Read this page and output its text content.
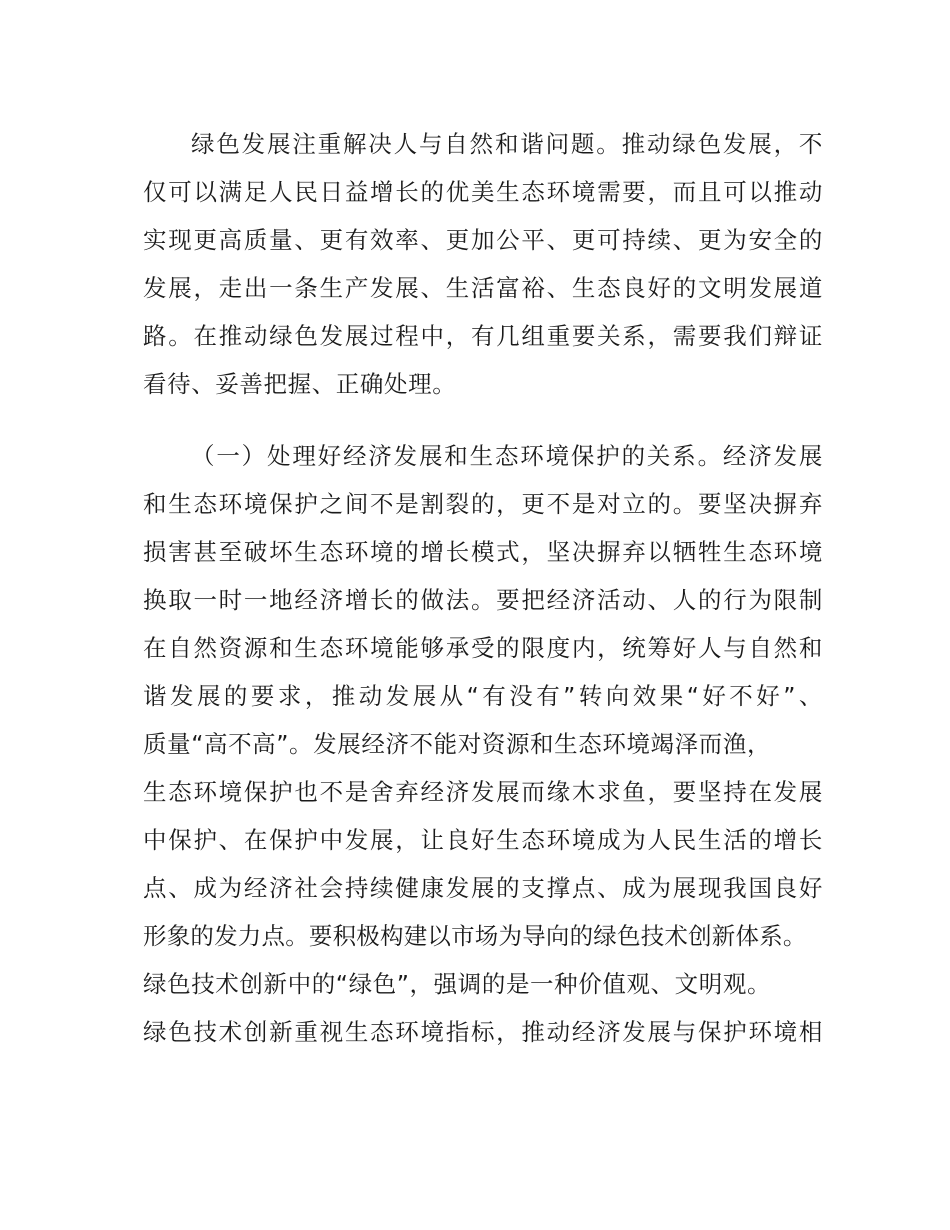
绿色发展注重解决人与自然和谐问题。推动绿色发展，不
仅可以满足人民日益增长的优美生态环境需要，而且可以推动
实现更高质量、更有效率、更加公平、更可持续、更为安全的
发展，走出一条生产发展、生活富裕、生态良好的文明发展道
路。在推动绿色发展过程中，有几组重要关系，需要我们辩证
看待、妥善把握、正确处理。
（一）处理好经济发展和生态环境保护的关系。经济发展
和生态环境保护之间不是割裂的，更不是对立的。要坚决摒弃
损害甚至破坏生态环境的增长模式，坚决摒弃以牺牲生态环境
换取一时一地经济增长的做法。要把经济活动、人的行为限制
在自然资源和生态环境能够承受的限度内，统筹好人与自然和
谐发展的要求，推动发展从“有没有”转向效果“好不好”、
质量“高不高”。发展经济不能对资源和生态环境竭泽而渔，
生态环境保护也不是舍弃经济发展而缘木求鱼，要坚持在发展
中保护、在保护中发展，让良好生态环境成为人民生活的增长
点、成为经济社会持续健康发展的支撑点、成为展现我国良好
形象的发力点。要积极构建以市场为导向的绿色技术创新体系。
绿色技术创新中的“绿色”，强调的是一种价值观、文明观。
绿色技术创新重视生态环境指标，推动经济发展与保护环境相
